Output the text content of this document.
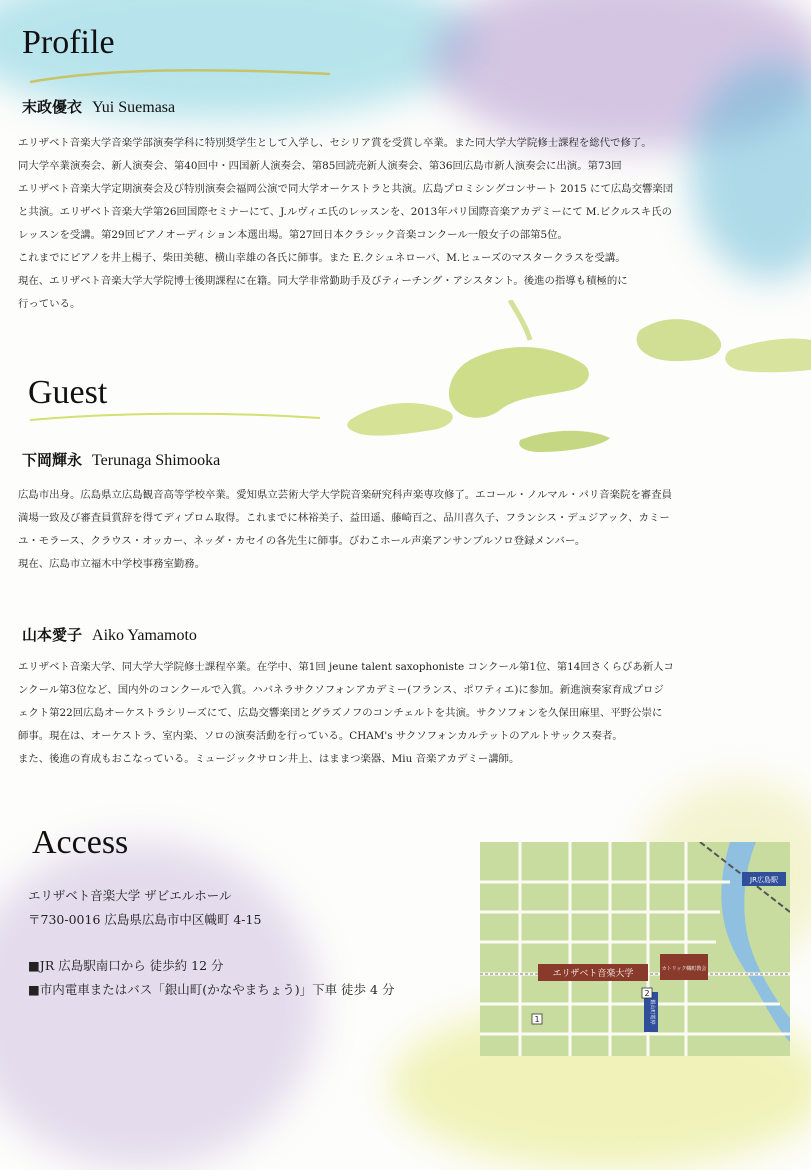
Profile
末政優衣 Yui Suemasa

エリザベト音楽大学音楽学部演奏学科に特別奨学生として入学し、セシリア賞を受賞し卒業。また同大学大学院修士課程を総代で修了。

同大学卒業演奏会、新人演奏会、第40回中・四国新人演奏会、第85回読売新人演奏会、第36回広島市新人演奏会に出演。第73回

エリザベト音楽大学定期演奏会及び特別演奏会福岡公演で同大学オーケストラと共演。広島プロミシングコンサート 2015 にて広島交響楽団

と共演。エリザベト音楽大学第26回国際セミナーにて、J.ルヴィエ氏のレッスンを、2013年パリ国際音楽アカデミーにて M.ビクルスキ氏の

レッスンを受講。第29回ピアノオーディション本選出場。第27回日本クラシック音楽コンクール一般女子の部第5位。

これまでにピアノを井上楊子、柴田美穂、横山幸雄の各氏に師事。また E.クシュネローバ、M.ヒューズのマスタークラスを受講。

現在、エリザベト音楽大学大学院博士後期課程に在籍。同大学非常勤助手及びティーチング・アシスタント。後進の指導も積極的に

行っている。

Guest
下岡輝永 Terunaga Shimooka

広島市出身。広島県立広島観音高等学校卒業。愛知県立芸術大学大学院音楽研究科声楽専攻修了。エコール・ノルマル・パリ音楽院を審査員

満場一致及び審査員賞辞を得てディプロム取得。これまでに林裕美子、益田遥、藤崎百之、品川喜久子、フランシス・デュジアック、カミー

ユ・モラース、クラウス・オッカー、ネッダ・カセイの各先生に師事。びわこホール声楽アンサンブルソロ登録メンバー。

現在、広島市立福木中学校事務室勤務。

山本愛子 Aiko Yamamoto

エリザベト音楽大学、同大学大学院修士課程卒業。在学中、第1回 jeune talent saxophoniste コンクール第1位、第14回さくらびあ新人コ

ンクール第3位など、国内外のコンクールで入賞。ハバネラサクソフォンアカデミー(フランス、ポワティエ)に参加。新進演奏家育成プロジ

ェクト第22回広島オーケストラシリーズにて、広島交響楽団とグラズノフのコンチェルトを共演。サクソフォンを久保田麻里、平野公崇に

師事。現在は、オーケストラ、室内楽、ソロの演奏活動を行っている。CHAM's サクソフォンカルテットのアルトサックス奏者。

また、後進の育成もおこなっている。ミュージックサロン井上、はままつ楽器、Miu 音楽アカデミー講師。

Access

エリザベト音楽大学 ザビエルホール

〒730-0016 広島県広島市中区幟町 4-15

■JR 広島駅南口から 徒歩約 12 分

■市内電車またはバス「銀山町(かなやまちょう)」下車 徒歩 4 分

エリザベト音楽大学	カトリック幟町教会
JR広島駅
銀山町電停
1
2
